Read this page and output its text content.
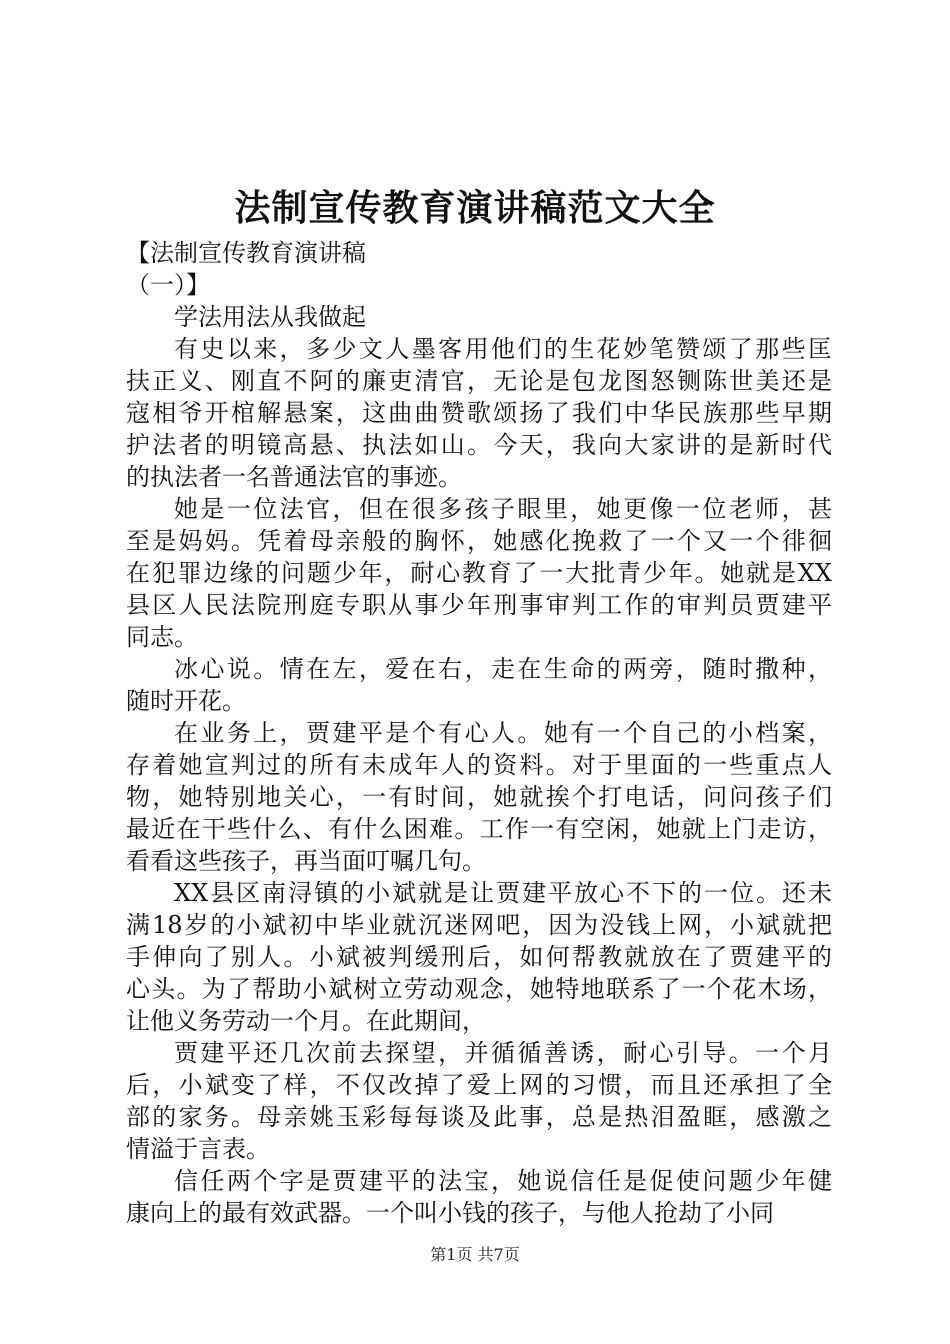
法制宣传教育演讲稿范文大全
【法制宣传教育演讲稿
（一）】
学法用法从我做起
有史以来，多少文人墨客用他们的生花妙笔赞颂了那些匡
扶正义、刚直不阿的廉吏清官，无论是包龙图怒铡陈世美还是
寇相爷开棺解悬案，这曲曲赞歌颂扬了我们中华民族那些早期
护法者的明镜高悬、执法如山。今天，我向大家讲的是新时代
的执法者一名普通法官的事迹。
她是一位法官，但在很多孩子眼里，她更像一位老师，甚
至是妈妈。凭着母亲般的胸怀，她感化挽救了一个又一个徘徊
在犯罪边缘的问题少年，耐心教育了一大批青少年。她就是XX
县区人民法院刑庭专职从事少年刑事审判工作的审判员贾建平
同志。
冰心说。情在左，爱在右，走在生命的两旁，随时撒种，
随时开花。
在业务上，贾建平是个有心人。她有一个自己的小档案，
存着她宣判过的所有未成年人的资料。对于里面的一些重点人
物，她特别地关心，一有时间，她就挨个打电话，问问孩子们
最近在干些什么、有什么困难。工作一有空闲，她就上门走访，
看看这些孩子，再当面叮嘱几句。
XX县区南浔镇的小斌就是让贾建平放心不下的一位。还未
满18岁的小斌初中毕业就沉迷网吧，因为没钱上网，小斌就把
手伸向了别人。小斌被判缓刑后，如何帮教就放在了贾建平的
心头。为了帮助小斌树立劳动观念，她特地联系了一个花木场，
让他义务劳动一个月。在此期间，
贾建平还几次前去探望，并循循善诱，耐心引导。一个月
后，小斌变了样，不仅改掉了爱上网的习惯，而且还承担了全
部的家务。母亲姚玉彩每每谈及此事，总是热泪盈眶，感激之
情溢于言表。
信任两个字是贾建平的法宝，她说信任是促使问题少年健
康向上的最有效武器。一个叫小钱的孩子，与他人抢劫了小同
第1页 共7页
